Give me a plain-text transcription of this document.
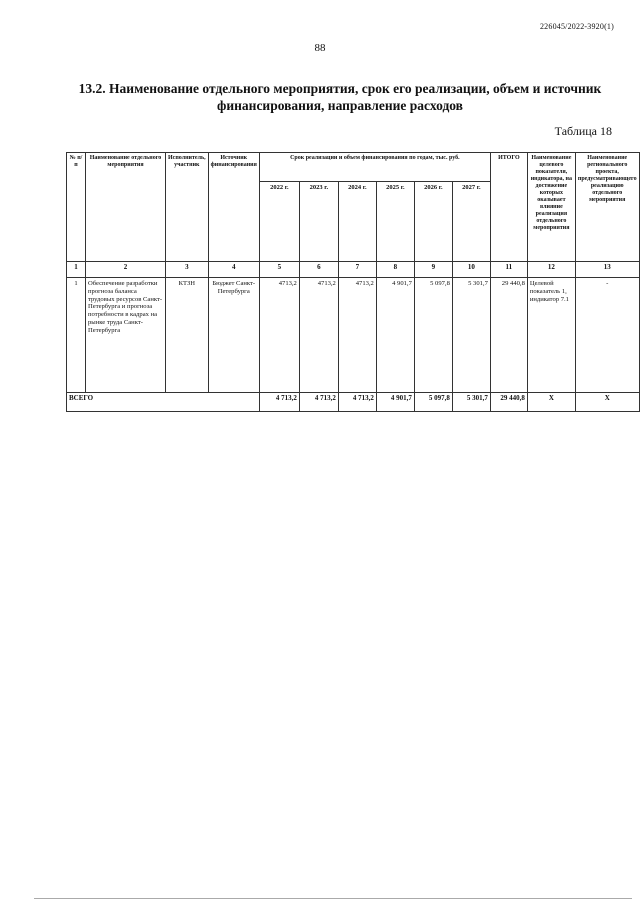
226045/2022-3920(1)
88
13.2. Наименование отдельного мероприятия, срок его реализации, объем и источник финансирования, направление расходов
Таблица 18
№ п/п	Наименование отдельного мероприятия	Исполнитель, участник	Источник финансирования	Срок реализации и объем финансирования по годам, тыс. руб.						ИТОГО	Наименование целевого показателя, индикатора, на достижение которых оказывает влияние реализация отдельного мероприятия	Наименование регионального проекта, предусматривающего реализацию отдельного мероприятия
				2022 г.	2023 г.	2024 г.	2025 г.	2026 г.	2027 г.			
1	2	3	4	5	6	7	8	9	10	11	12	13
1	Обеспечение разработки прогноза баланса трудовых ресурсов Санкт-Петербурга и прогноза потребности в кадрах на рынке труда Санкт-Петербурга	КТЗН	Бюджет Санкт-Петербурга	4713,2	4713,2	4713,2	4 901,7	5 097,8	5 301,7	29 440,8	Целевой показатель 1, индикатор 7.1	-
ВСЕГО				4 713,2	4 713,2	4 713,2	4 901,7	5 097,8	5 301,7	29 440,8	X	X
